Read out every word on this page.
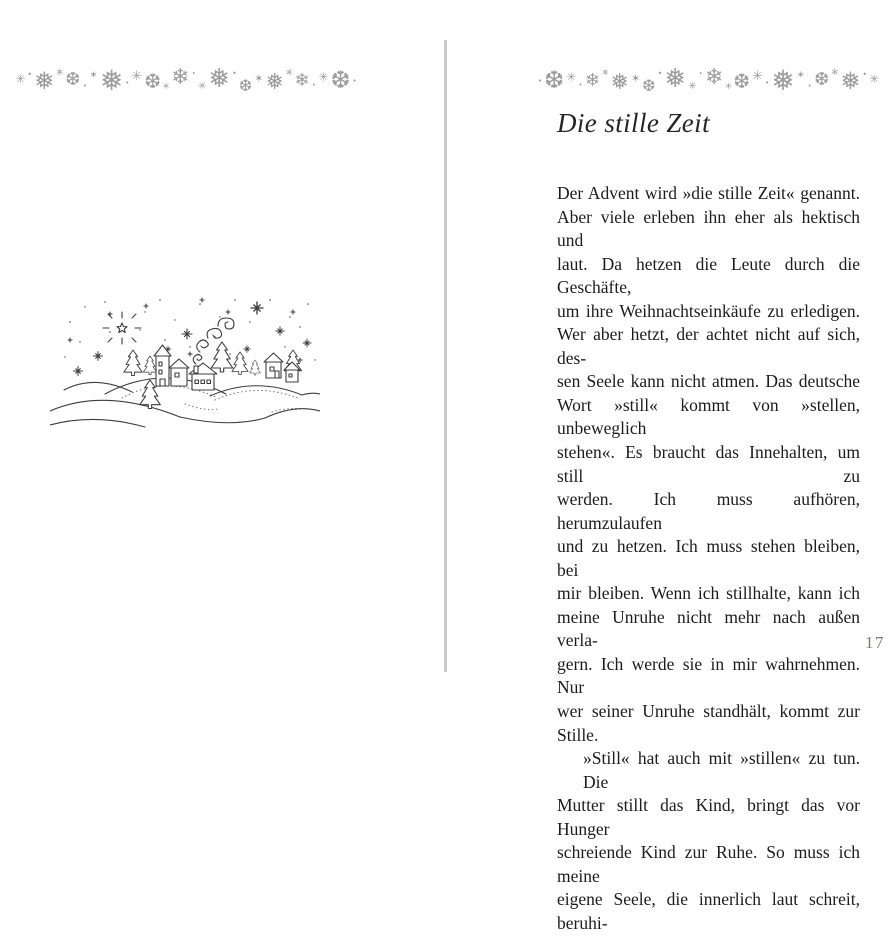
✳ •❅ * ❆ ·✶❅ • ✳ ❆ *❄ ·✳❅ •❆ ✶❅ * ❄ · ✳❆ •	•❆ ✳ · ❄ *❅ ✶ ❆•❅ ✳·❄ * ❆ ✳ •❅ ✶· ❆ *❅ • ✳
Die stille Zeit
Der Advent wird »die stille Zeit« genannt.
Aber viele erleben ihn eher als hektisch und
laut. Da hetzen die Leute durch die Geschäfte,
um ihre Weihnachtseinkäufe zu erledigen.
Wer aber hetzt, der achtet nicht auf sich, des-
sen Seele kann nicht atmen. Das deutsche
Wort »still« kommt von »stellen, unbeweglich
stehen«. Es braucht das Innehalten, um still zu
werden. Ich muss aufhören, herumzulaufen
und zu hetzen. Ich muss stehen bleiben, bei
mir bleiben. Wenn ich stillhalte, kann ich
meine Unruhe nicht mehr nach außen verla-
gern. Ich werde sie in mir wahrnehmen. Nur
wer seiner Unruhe standhält, kommt zur
Stille.
»Still« hat auch mit »stillen« zu tun. Die
Mutter stillt das Kind, bringt das vor Hunger
schreiende Kind zur Ruhe. So muss ich meine
eigene Seele, die innerlich laut schreit, beruhi-
17
